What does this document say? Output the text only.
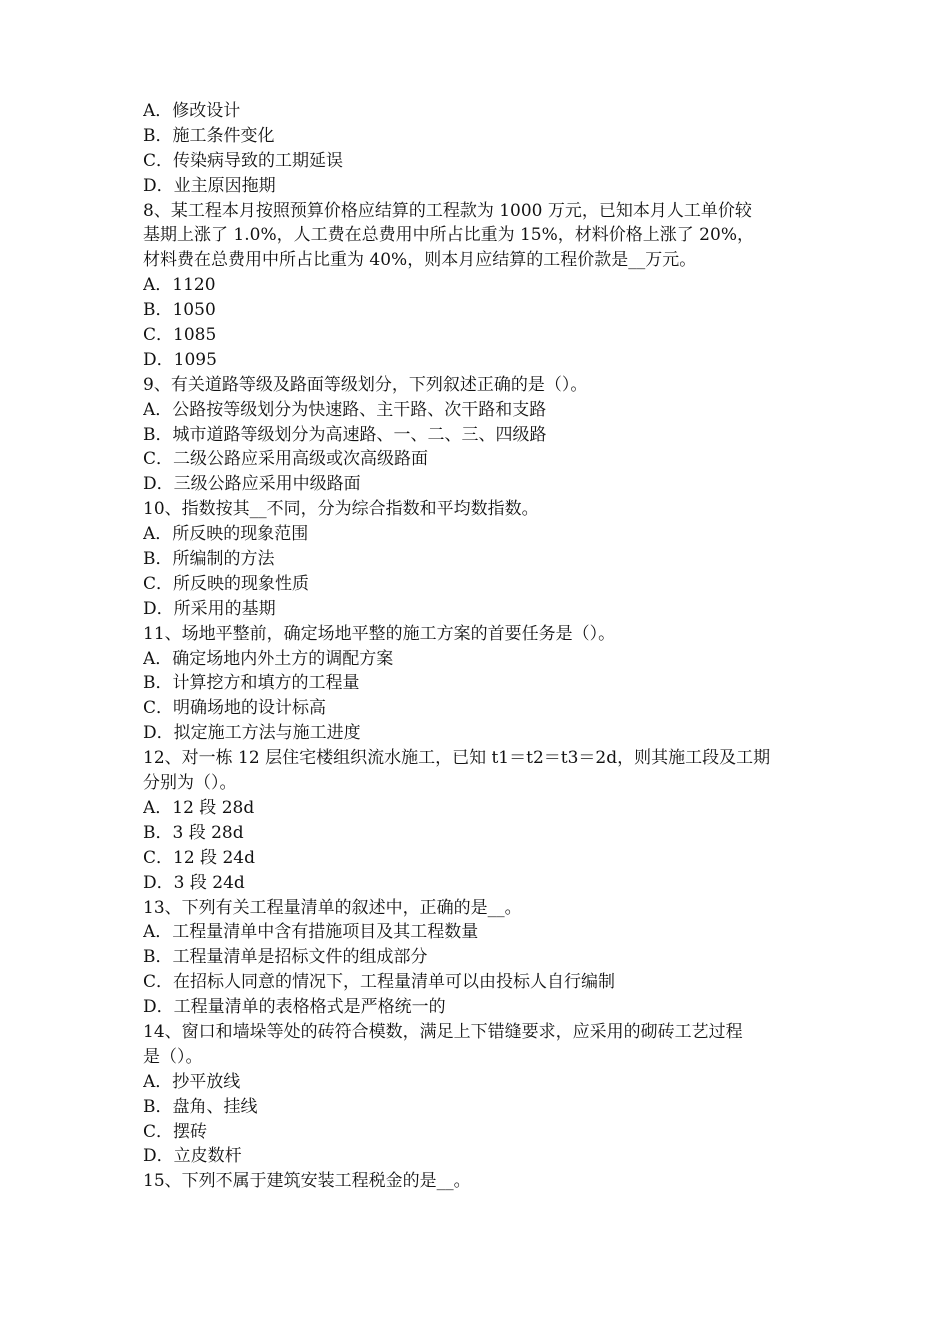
A．修改设计
B．施工条件变化
C．传染病导致的工期延误
D．业主原因拖期
8、某工程本月按照预算价格应结算的工程款为 1000 万元，已知本月人工单价较
基期上涨了 1.0%，人工费在总费用中所占比重为 15%，材料价格上涨了 20%，
材料费在总费用中所占比重为 40%，则本月应结算的工程价款是__万元。
A．1120
B．1050
C．1085
D．1095
9、有关道路等级及路面等级划分，下列叙述正确的是（）。
A．公路按等级划分为快速路、主干路、次干路和支路
B．城市道路等级划分为高速路、一、二、三、四级路
C．二级公路应采用高级或次高级路面
D．三级公路应采用中级路面
10、指数按其__不同，分为综合指数和平均数指数。
A．所反映的现象范围
B．所编制的方法
C．所反映的现象性质
D．所采用的基期
11、场地平整前，确定场地平整的施工方案的首要任务是（）。
A．确定场地内外土方的调配方案
B．计算挖方和填方的工程量
C．明确场地的设计标高
D．拟定施工方法与施工进度
12、对一栋 12 层住宅楼组织流水施工，已知 t1＝t2＝t3＝2d，则其施工段及工期
分别为（）。
A．12 段 28d
B．3 段 28d
C．12 段 24d
D．3 段 24d
13、下列有关工程量清单的叙述中，正确的是__。
A．工程量清单中含有措施项目及其工程数量
B．工程量清单是招标文件的组成部分
C．在招标人同意的情况下，工程量清单可以由投标人自行编制
D．工程量清单的表格格式是严格统一的
14、窗口和墙垛等处的砖符合模数，满足上下错缝要求，应采用的砌砖工艺过程
是（）。
A．抄平放线
B．盘角、挂线
C．摆砖
D．立皮数杆
15、下列不属于建筑安装工程税金的是__。
